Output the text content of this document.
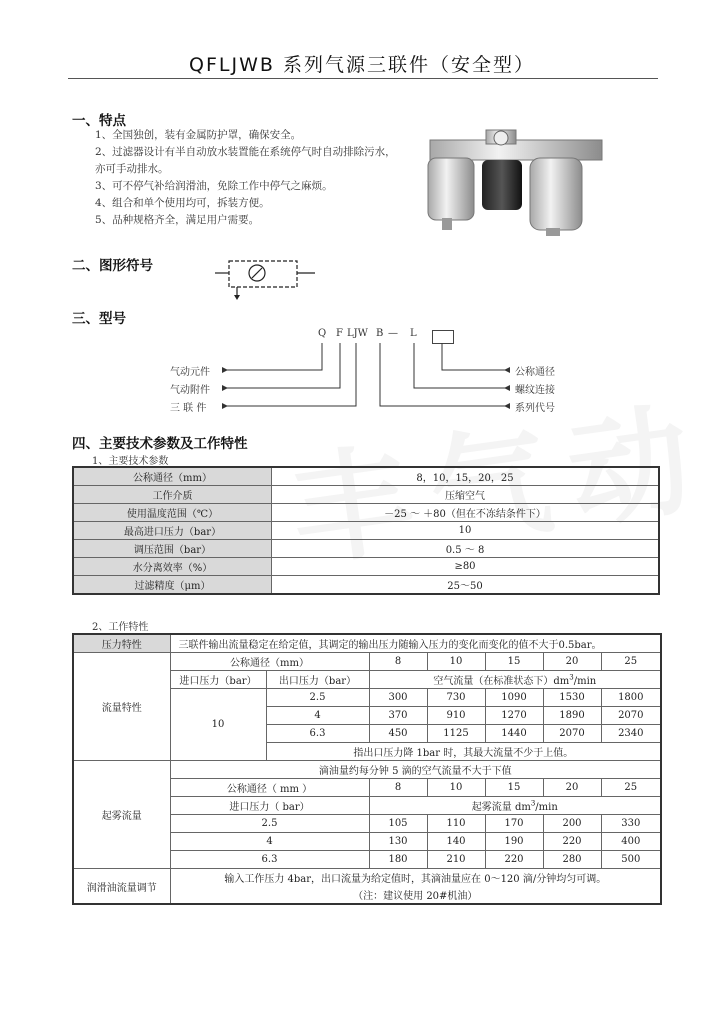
QFLJWB 系列气源三联件（安全型）
一、特点
1、全国独创，装有金属防护罩，确保安全。
2、过滤器设计有半自动放水装置能在系统停气时自动排除污水，
亦可手动排水。
3、可不停气补给润滑油，免除工作中停气之麻烦。
4、组合和单个使用均可，拆装方便。
5、品种规格齐全，满足用户需要。
二、图形符号
三、型号
Q F LJW B — L
气动元件
气动附件
三 联 件
公称通径
螺纹连接
系列代号
四、主要技术参数及工作特性
1、主要技术参数
公称通径（mm）	8，10，15，20，25
工作介质	压缩空气
使用温度范围（℃）	－25 ～ ＋80（但在不冻结条件下）
最高进口压力（bar）	10
调压范围（bar）	0.5 ～ 8
水分离效率（%）	≥80
过滤精度（μm）	25～50
2、工作特性
压力特性	三联件输出流量稳定在给定值，其调定的输出压力随输入压力的变化而变化的值不大于0.5bar。						
流量特性	公称通径（mm）		8	10	15	20	25
	进口压力（bar）	出口压力（bar）	空气流量（在标准状态下）$dm^3/\min$				
	10	2.5	300	730	1090	1530	1800
		4	370	910	1270	1890	2070
		6.3	450	1125	1440	2070	2340
		指出口压力降 1bar 时，其最大流量不少于上值。					
起雾流量	滴油量约每分钟 5 滴的空气流量不大于下值						
	公称通径（ mm ）		8	10	15	20	25
	进口压力（ bar）		起雾流量 $dm^3/\min$				
	2.5		105	110	170	200	330
	4		130	140	190	220	400
	6.3		180	210	220	280	500
润滑油流量调节	输入工作压力 4bar，出口流量为给定值时，其滴油量应在 0～120 滴/分钟均匀可调。						
	（注：建议使用 20#机油）						
